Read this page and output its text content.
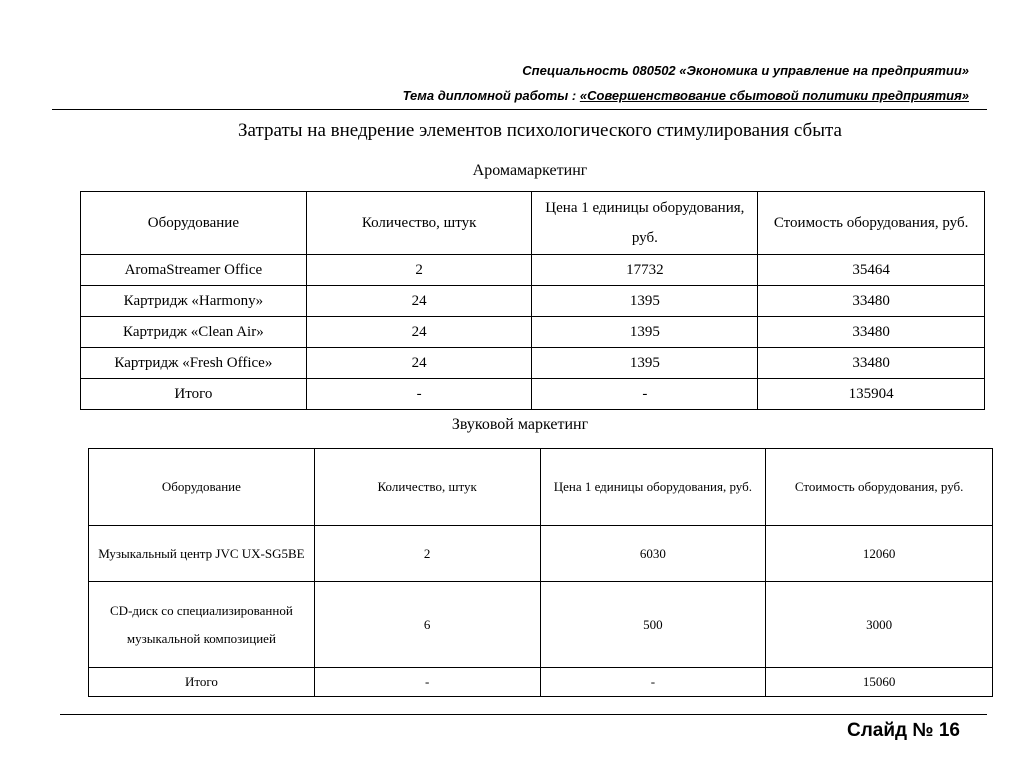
Специальность 080502 «Экономика и управление на предприятии»
Тема дипломной работы : «Совершенствование сбытовой политики предприятия»
Затраты на внедрение элементов психологического стимулирования сбыта
Аромамаркетинг
Оборудование	Количество, штук	Цена 1 единицы оборудования, руб.	Стоимость оборудования, руб.
AromaStreamer Office	2	17732	35464
Картридж «Harmony»	24	1395	33480
Картридж «Clean Air»	24	1395	33480
Картридж «Fresh Office»	24	1395	33480
Итого	-	-	135904
Звуковой маркетинг
Оборудование	Количество, штук	Цена 1 единицы оборудования, руб.	Стоимость оборудования, руб.
Музыкальный центр JVC UX-SG5BE	2	6030	12060
CD-диск со специализированной музыкальной композицией	6	500	3000
Итого	-	-	15060
Слайд № 16
